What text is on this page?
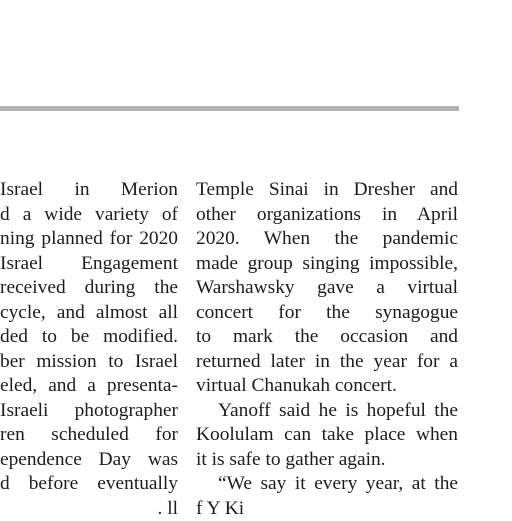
Israel in Merion
d a wide variety of
ning planned for 2020
Israel Engagement
received during the
cycle, and almost all
ded to be modified.
ber mission to Israel
eled, and a presenta-
Israeli photographer
ren scheduled for
ependence Day was
d before eventually
. ll
Temple Sinai in Dresher and
other organizations in April
2020. When the pandemic
made group singing impossible,
Warshawsky gave a virtual
concert for the synagogue
to mark the occasion and
returned later in the year for a
virtual Chanukah concert.
Yanoff said he is hopeful the
Koolulam can take place when
it is safe to gather again.
“We say it every year, at the
f Y Ki
